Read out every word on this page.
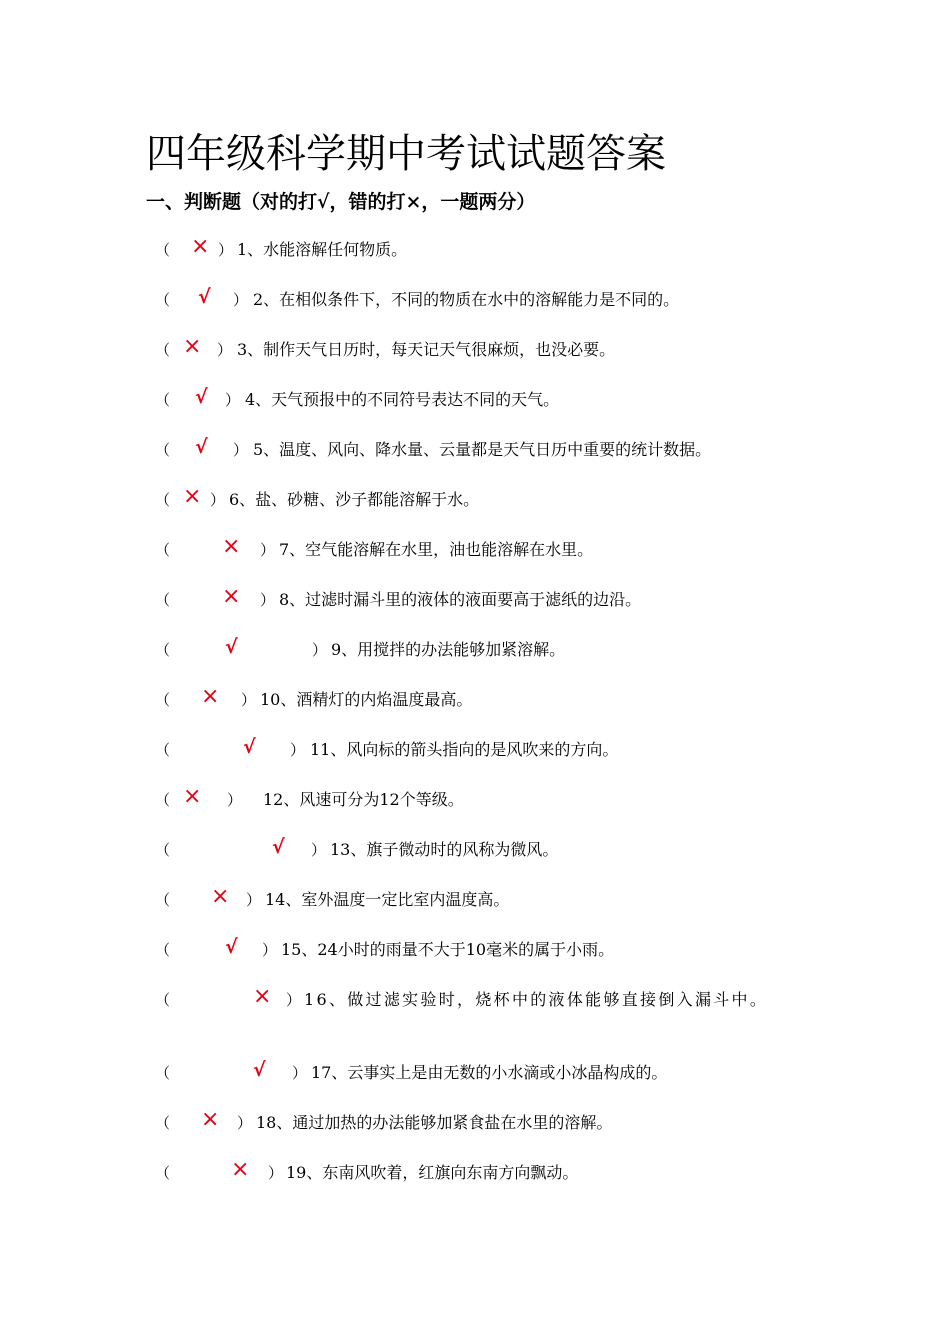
四年级科学期中考试试题答案
一、判断题（对的打√，错的打×，一题两分）
（ × ） 1、水能溶解任何物质。
（ √ ） 2、在相似条件下，不同的物质在水中的溶解能力是不同的。
（ × ） 3、制作天气日历时，每天记天气很麻烦，也没必要。
（ √ ） 4、天气预报中的不同符号表达不同的天气。
（ √ ） 5、温度、风向、降水量、云量都是天气日历中重要的统计数据。
（ × ） 6、盐、砂糖、沙子都能溶解于水。
（ × ） 7、空气能溶解在水里，油也能溶解在水里。
（ × ） 8、过滤时漏斗里的液体的液面要高于滤纸的边沿。
（	√	） 9、用搅拌的办法能够加紧溶解。
（ × ） 10、酒精灯的内焰温度最高。
（	√ ） 11、风向标的箭头指向的是风吹来的方向。
（ × ） 12、风速可分为12个等级。
（	√ ） 13、旗子微动时的风称为微风。
（ × ） 14、室外温度一定比室内温度高。
（	√ ） 15、24小时的雨量不大于10毫米的属于小雨。
（	× ） 16、做过滤实验时，烧杯中的液体能够直接倒入漏斗中。
（	√ ） 17、云事实上是由无数的小水滴或小冰晶构成的。
（ × ） 18、通过加热的办法能够加紧食盐在水里的溶解。
（	× ） 19、东南风吹着，红旗向东南方向飘动。
